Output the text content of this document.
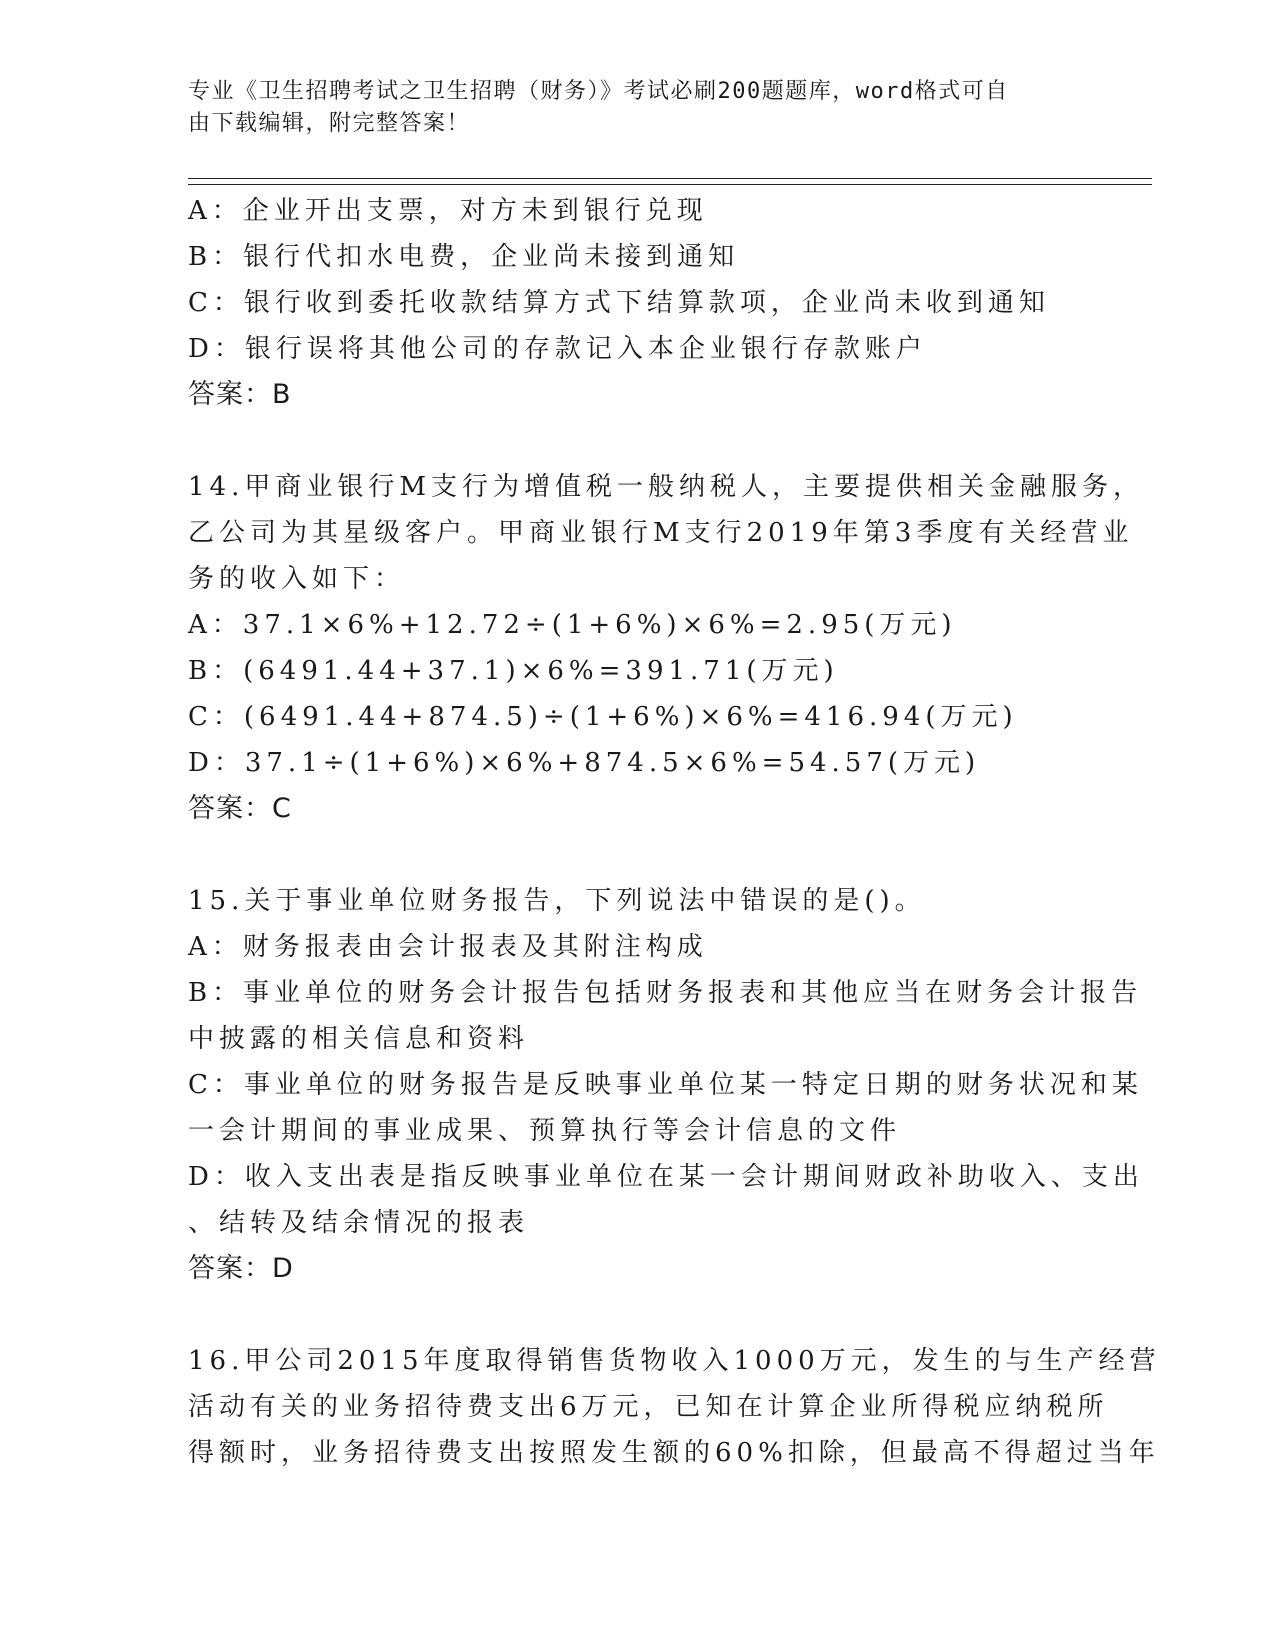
专业《卫生招聘考试之卫生招聘（财务）》考试必刷200题题库，word格式可自
由下载编辑，附完整答案！
A：企业开出支票，对方未到银行兑现
B：银行代扣水电费，企业尚未接到通知
C：银行收到委托收款结算方式下结算款项，企业尚未收到通知
D：银行误将其他公司的存款记入本企业银行存款账户
答案：B
14.甲商业银行M支行为增值税一般纳税人，主要提供相关金融服务，
乙公司为其星级客户。甲商业银行M支行2019年第3季度有关经营业
务的收入如下：
A：37.1×6%+12.72÷(1+6%)×6%=2.95(万元)
B：(6491.44+37.1)×6%=391.71(万元)
C：(6491.44+874.5)÷(1+6%)×6%=416.94(万元)
D：37.1÷(1+6%)×6%+874.5×6%=54.57(万元)
答案：C
15.关于事业单位财务报告，下列说法中错误的是()。
A：财务报表由会计报表及其附注构成
B：事业单位的财务会计报告包括财务报表和其他应当在财务会计报告
中披露的相关信息和资料
C：事业单位的财务报告是反映事业单位某一特定日期的财务状况和某
一会计期间的事业成果、预算执行等会计信息的文件
D：收入支出表是指反映事业单位在某一会计期间财政补助收入、支出
、结转及结余情况的报表
答案：D
16.甲公司2015年度取得销售货物收入1000万元，发生的与生产经营
活动有关的业务招待费支出6万元，已知在计算企业所得税应纳税所
得额时，业务招待费支出按照发生额的60%扣除，但最高不得超过当年
